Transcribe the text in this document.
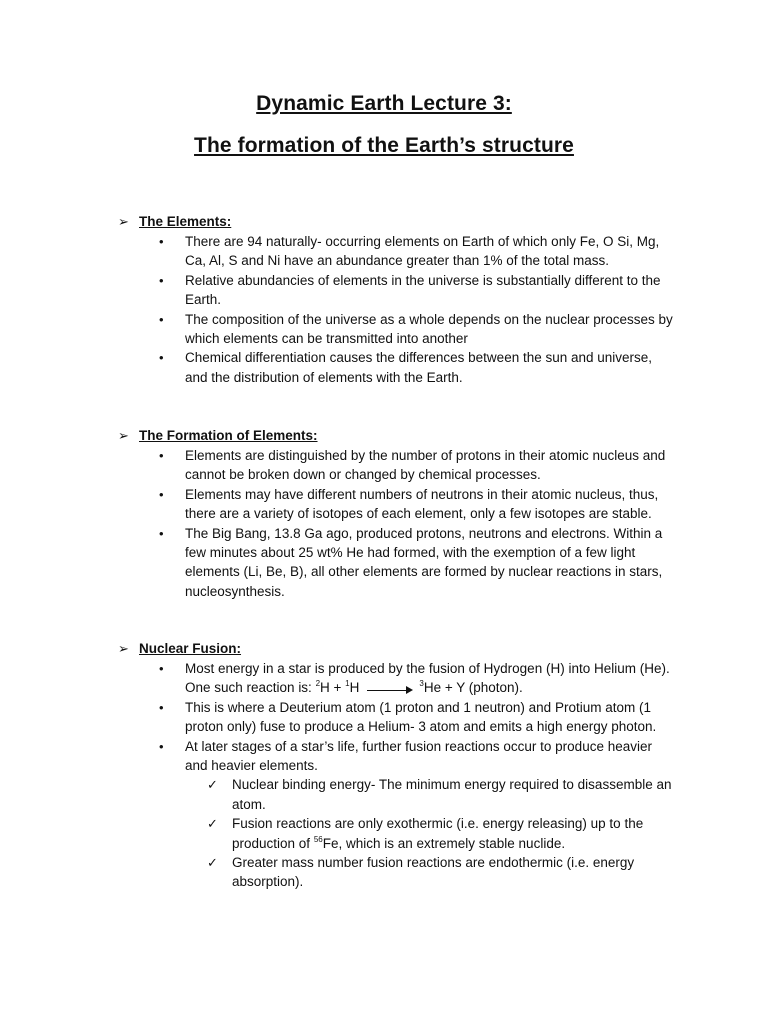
Dynamic Earth Lecture 3:
The formation of the Earth’s structure
➢ The Elements:
• There are 94 naturally- occurring elements on Earth of which only Fe, O Si, Mg, Ca, Al, S and Ni have an abundance greater than 1% of the total mass.
• Relative abundancies of elements in the universe is substantially different to the Earth.
• The composition of the universe as a whole depends on the nuclear processes by which elements can be transmitted into another
• Chemical differentiation causes the differences between the sun and universe, and the distribution of elements with the Earth.
➢ The Formation of Elements:
• Elements are distinguished by the number of protons in their atomic nucleus and cannot be broken down or changed by chemical processes.
• Elements may have different numbers of neutrons in their atomic nucleus, thus, there are a variety of isotopes of each element, only a few isotopes are stable.
• The Big Bang, 13.8 Ga ago, produced protons, neutrons and electrons. Within a few minutes about 25 wt% He had formed, with the exemption of a few light elements (Li, Be, B), all other elements are formed by nuclear reactions in stars, nucleosynthesis.
➢ Nuclear Fusion:
• Most energy in a star is produced by the fusion of Hydrogen (H) into Helium (He). One such reaction is: $^2$H + $^1$H	$^3$He + Y (photon).
• This is where a Deuterium atom (1 proton and 1 neutron) and Protium atom (1 proton only) fuse to produce a Helium- 3 atom and emits a high energy photon.
• At later stages of a star’s life, further fusion reactions occur to produce heavier and heavier elements.
✓ Nuclear binding energy- The minimum energy required to disassemble an atom.
✓ Fusion reactions are only exothermic (i.e. energy releasing) up to the production of $^{56}$Fe, which is an extremely stable nuclide.
✓ Greater mass number fusion reactions are endothermic (i.e. energy absorption).
